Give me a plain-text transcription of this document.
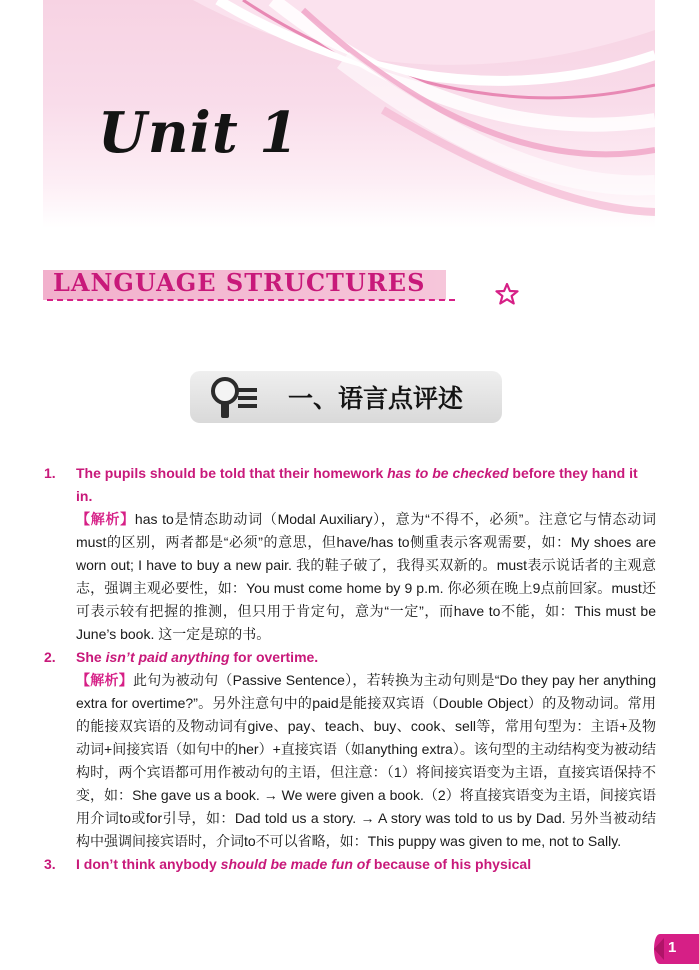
Unit 1
LANGUAGE STRUCTURES
一、语言点评述
1. The pupils should be told that their homework has to be checked before they hand it in.
【解析】has to是情态助动词（Modal Auxiliary），意为“不得不，必须”。注意它与情态动词must的区别，两者都是“必须”的意思，但have/has to侧重表示客观需要，如：My shoes are worn out; I have to buy a new pair. 我的鞋子破了，我得买双新的。must表示说话者的主观意志，强调主观必要性，如：You must come home by 9 p.m. 你必须在晚上9点前回家。must还可表示较有把握的推测，但只用于肯定句，意为“一定”，而have to不能，如：This must be June’s book. 这一定是琼的书。
2. She isn’t paid anything for overtime.
【解析】此句为被动句（Passive Sentence），若转换为主动句则是“Do they pay her anything extra for overtime?”。另外注意句中的paid是能接双宾语（Double Object）的及物动词。常用的能接双宾语的及物动词有give、pay、teach、buy、cook、sell等，常用句型为：主语+及物动词+间接宾语（如句中的her）+直接宾语（如anything extra）。该句型的主动结构变为被动结构时，两个宾语都可用作被动句的主语，但注意：（1）将间接宾语变为主语，直接宾语保持不变，如：She gave us a book. → We were given a book.（2）将直接宾语变为主语，间接宾语用介词to或for引导，如：Dad told us a story. → A story was told to us by Dad. 另外当被动结构中强调间接宾语时，介词to不可以省略，如：This puppy was given to me, not to Sally.
3. I don’t think anybody should be made fun of because of his physical
1
